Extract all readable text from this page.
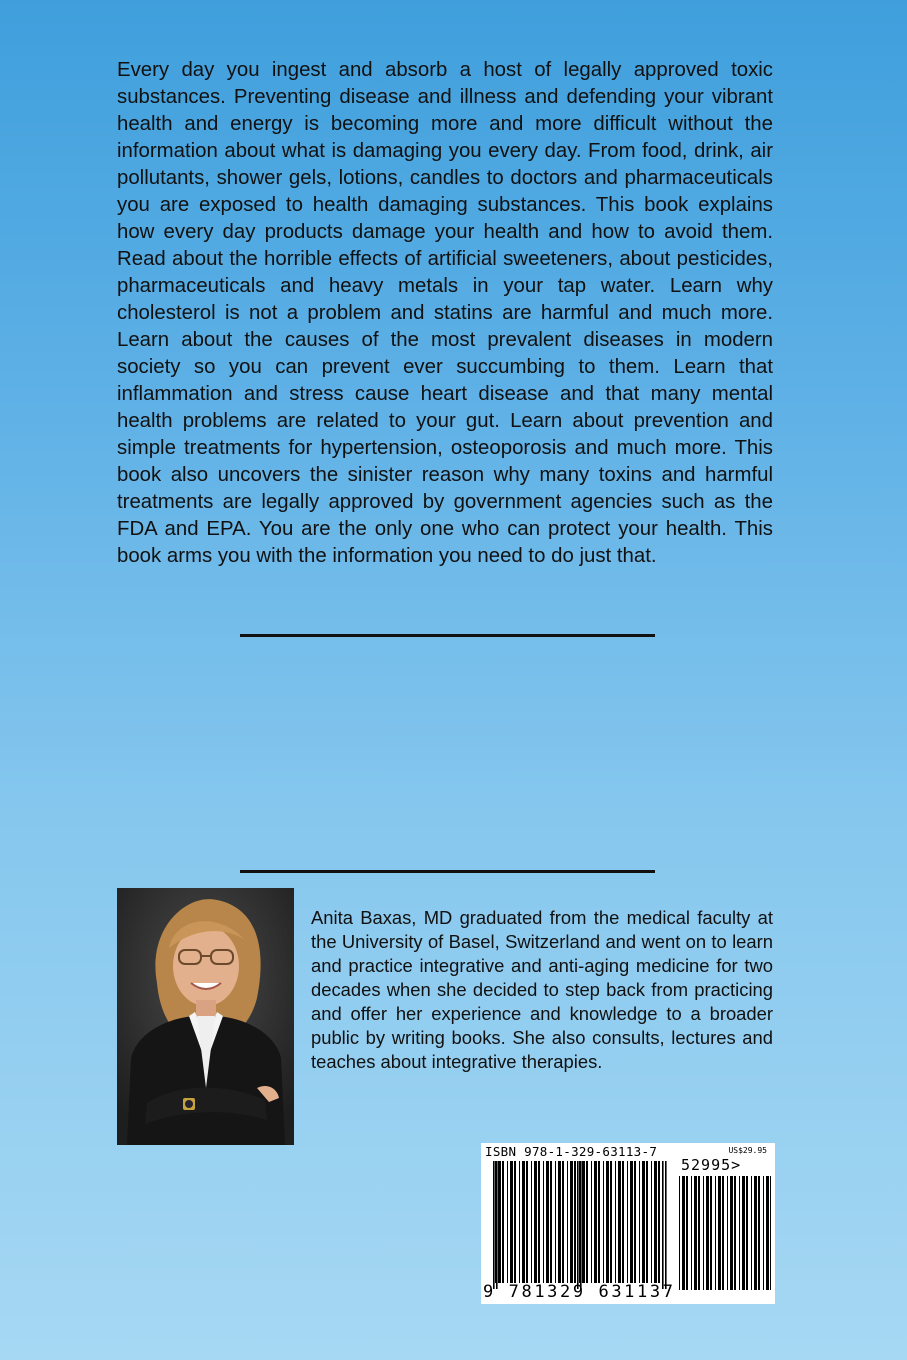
Every day you ingest and absorb a host of legally approved toxic substances. Preventing disease and illness and defending your vibrant health and energy is becoming more and more difficult without the information about what is damaging you every day. From food, drink, air pollutants, shower gels, lotions, candles to doctors and pharmaceuticals you are exposed to health damaging substances. This book explains how every day products damage your health and how to avoid them. Read about the horrible effects of artificial sweeteners, about pesticides, pharmaceuticals and heavy metals in your tap water. Learn why cholesterol is not a problem and statins are harmful and much more. Learn about the causes of the most prevalent diseases in modern society so you can prevent ever succumbing to them. Learn that inflammation and stress cause heart disease and that many mental health problems are related to your gut. Learn about prevention and simple treatments for hypertension, osteoporosis and much more. This book also uncovers the sinister reason why many toxins and harmful treatments are legally approved by government agencies such as the FDA and EPA. You are the only one who can protect your health. This book arms you with the information you need to do just that.

Anita Baxas, MD graduated from the medical faculty at the University of Basel, Switzerland and went on to learn and practice integrative and anti-aging medicine for two decades when she decided to step back from practicing and offer her experience and knowledge to a broader public by writing books. She also consults, lectures and teaches about integrative therapies.

ISBN 978-1-329-63113-7	US$29.95
52995>
9 781329 631137
